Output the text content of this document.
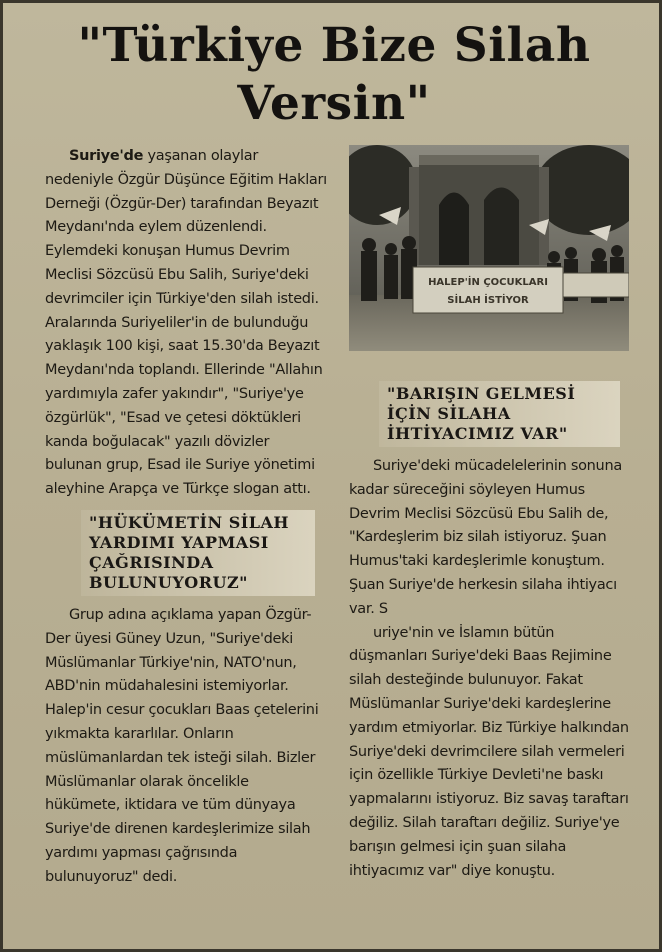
"Türkiye Bize Silah
Versin"

Suriye'de yaşanan olaylar nedeniyle Özgür Düşünce Eğitim Hakları Derneği (Özgür-Der) tarafından Beyazıt Meydanı'nda eylem düzenlendi. Eylemdeki konuşan Humus Devrim Meclisi Sözcüsü Ebu Salih, Suriye'deki devrimciler için Türkiye'den silah istedi. Aralarında Suriyeliler'in de bulunduğu yaklaşık 100 kişi, saat 15.30'da Beyazıt Meydanı'nda toplandı. Ellerinde "Allahın yardımıyla zafer yakındır", "Suriye'ye özgürlük", "Esad ve çetesi döktükleri kanda boğulacak" yazılı dövizler bulunan grup, Esad ile Suriye yönetimi aleyhine Arapça ve Türkçe slogan attı.

"HÜKÜMETİN SİLAH YARDIMI YAPMASI ÇAĞRISINDA BULUNUYORUZ"

Grup adına açıklama yapan Özgür-Der üyesi Güney Uzun, "Suriye'deki Müslümanlar Türkiye'nin, NATO'nun, ABD'nin müdahalesini istemiyorlar. Halep'in cesur çocukları Baas çetelerini yıkmakta kararlılar. Onların müslümanlardan tek isteği silah. Bizler Müslümanlar olarak öncelikle hükümete, iktidara ve tüm dünyaya Suriye'de direnen kardeşlerimize silah yardımı yapması çağrısında bulunuyoruz" dedi.

HALEP'İN ÇOCUKLARI
SİLAH İSTİYOR
"BARIŞIN GELMESİ İÇİN SİLAHA İHTİYACIMIZ VAR"

Suriye'deki mücadelelerinin sonuna kadar süreceğini söyleyen Humus Devrim Meclisi Sözcüsü Ebu Salih de, "Kardeşlerim biz silah istiyoruz. Şuan Humus'taki kardeşlerimle konuştum. Şuan Suriye'de herkesin silaha ihtiyacı var. S

uriye'nin ve İslamın bütün düşmanları Suriye'deki Baas Rejimine silah desteğinde bulunuyor. Fakat Müslümanlar Suriye'deki kardeşlerine yardım etmiyorlar. Biz Türkiye halkından Suriye'deki devrimcilere silah vermeleri için özellikle Türkiye Devleti'ne baskı yapmalarını istiyoruz. Biz savaş taraftarı değiliz. Silah taraftarı değiliz. Suriye'ye barışın gelmesi için şuan silaha ihtiyacımız var" diye konuştu.
